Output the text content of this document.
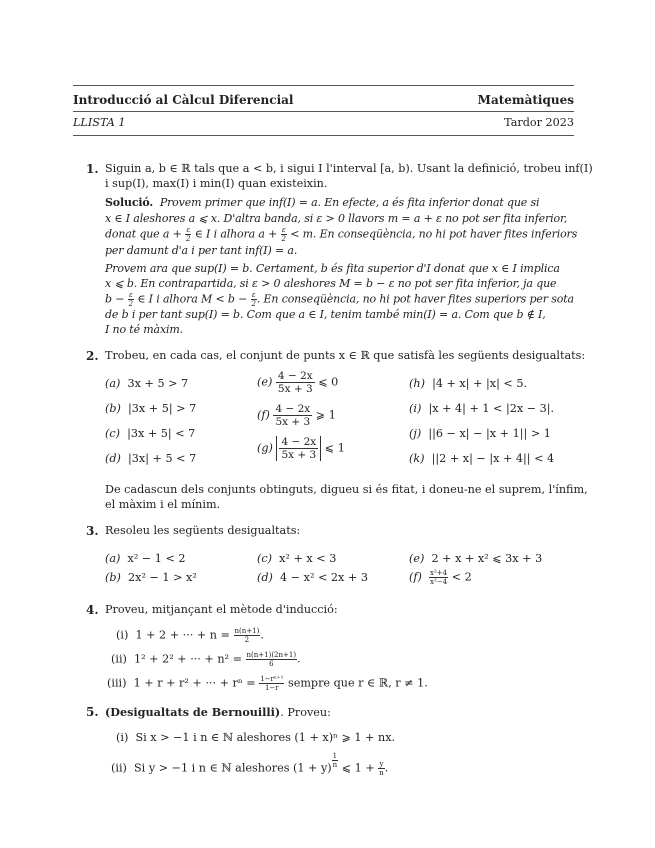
Introducció al Càlcul Diferencial	Matemàtiques
LLISTA 1	Tardor 2023
1. Siguin a, b ∈ ℝ tals que a < b, i sigui I l'interval [a, b). Usant la definició, trobeu inf(I)
i sup(I), max(I) i min(I) quan existeixin.
Solució. Provem primer que inf(I) = a. En efecte, a és fita inferior donat que si
x ∈ I aleshores a ⩽ x. D'altra banda, si ε > 0 llavors m = a + ε no pot ser fita inferior,
donat que $a + \frac{\varepsilon}{2}$ ∈ I i alhora $a + \frac{\varepsilon}{2} < m$. En conseqüència, no hi pot haver fites inferiors
per damunt d'a i per tant inf(I) = a.
Provem ara que sup(I) = b. Certament, b és fita superior d'I donat que x ∈ I implica
x ⩽ b. En contrapartida, si ε > 0 aleshores M = b − ε no pot ser fita inferior, ja que
$b - \frac{\varepsilon}{2}$ ∈ I i alhora $M < b - \frac{\varepsilon}{2}$ . En conseqüència, no hi pot haver fites superiors per sota
de b i per tant sup(I) = b. Com que a ∈ I, tenim també min(I) = a. Com que b ∉ I,
I no té màxim.
2. Trobeu, en cada cas, el conjunt de punts x ∈ ℝ que satisfà les següents desigualtats:
(a) 3x + 5 > 7
(b) |3x + 5| > 7
(c) |3x + 5| < 7
(d) |3x| + 5 < 7
$(e) \frac{4 - 2x}{5x + 3}$ ⩽ 0
$(f) \frac{4 - 2x}{5x + 3}$ ⩾ 1
$(g) \frac{4 - 2x}{5x + 3}$ ⩽ 1
(h) |4 + x| + |x| < 5.
(i) |x + 4| + 1 < |2x − 3|.
(j) ||6 − x| − |x + 1|| > 1
(k) ||2 + x| − |x + 4|| < 4
De cadascun dels conjunts obtinguts, digueu si és fitat, i doneu-ne el suprem, l'ínfim,
el màxim i el mínim.
3. Resoleu les següents desigualtats:
(a) x² − 1 < 2
(b) 2x² − 1 > x²
(c) x² + x < 3
(d) 4 − x² < 2x + 3
(e) 2 + x + x² ⩽ 3x + 3
$(f) \frac{\text{x²+4}}{\text{x²−4}} < 2$
4. Proveu, mitjançant el mètode d'inducció:
(i) 1 + 2 + ··· + $n = \frac{n(n+1)}{2}$ .
(ii) 1² + 2² + ··· + $n^2 = \frac{n(n+1)(2n+1)}{6}$ .
(iii) 1 + r + r² + ··· + $r^n = \frac{\text{1−rⁿ⁺¹}}{1-r}$ sempre que r ∈ ℝ, r ≠ 1.
5. (Desigualtats de Bernouilli). Proveu:
(i) Si x > −1 i n ∈ ℕ aleshores (1 + x)ⁿ ⩾ 1 + nx.
(ii) Si y > −1 i n ∈ ℕ aleshores $(1 + y) \frac{1}{n}$ ⩽ $1 + \frac{y}{n}$ .
